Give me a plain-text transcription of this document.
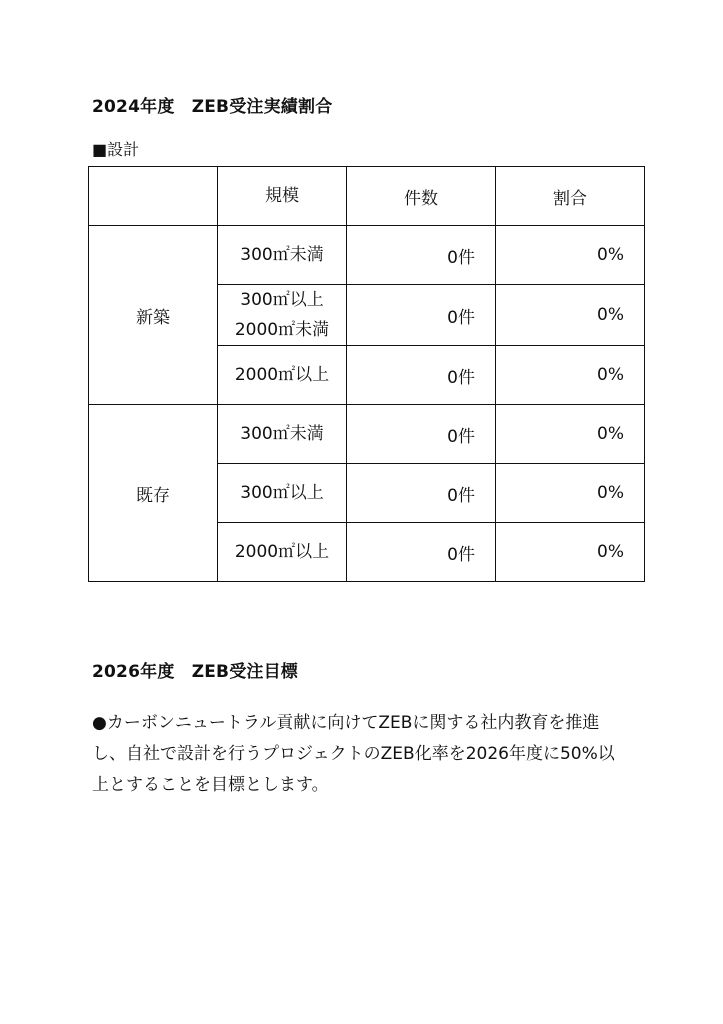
2024年度　ZEB受注実績割合
■設計
	規模	件数	割合
新築	300㎡未満	0件	0%

	300㎡以上
2000㎡未満	0件	0%
	2000㎡以上	0件	0%
既存	300㎡未満	0件	0%
	300㎡以上	0件	0%
	2000㎡以上	0件	0%
2026年度　ZEB受注目標
●カーボンニュートラル貢献に向けてZEBに関する社内教育を推進し、自社で設計を行うプロジェクトのZEB化率を2026年度に50%以上とすることを目標とします。
